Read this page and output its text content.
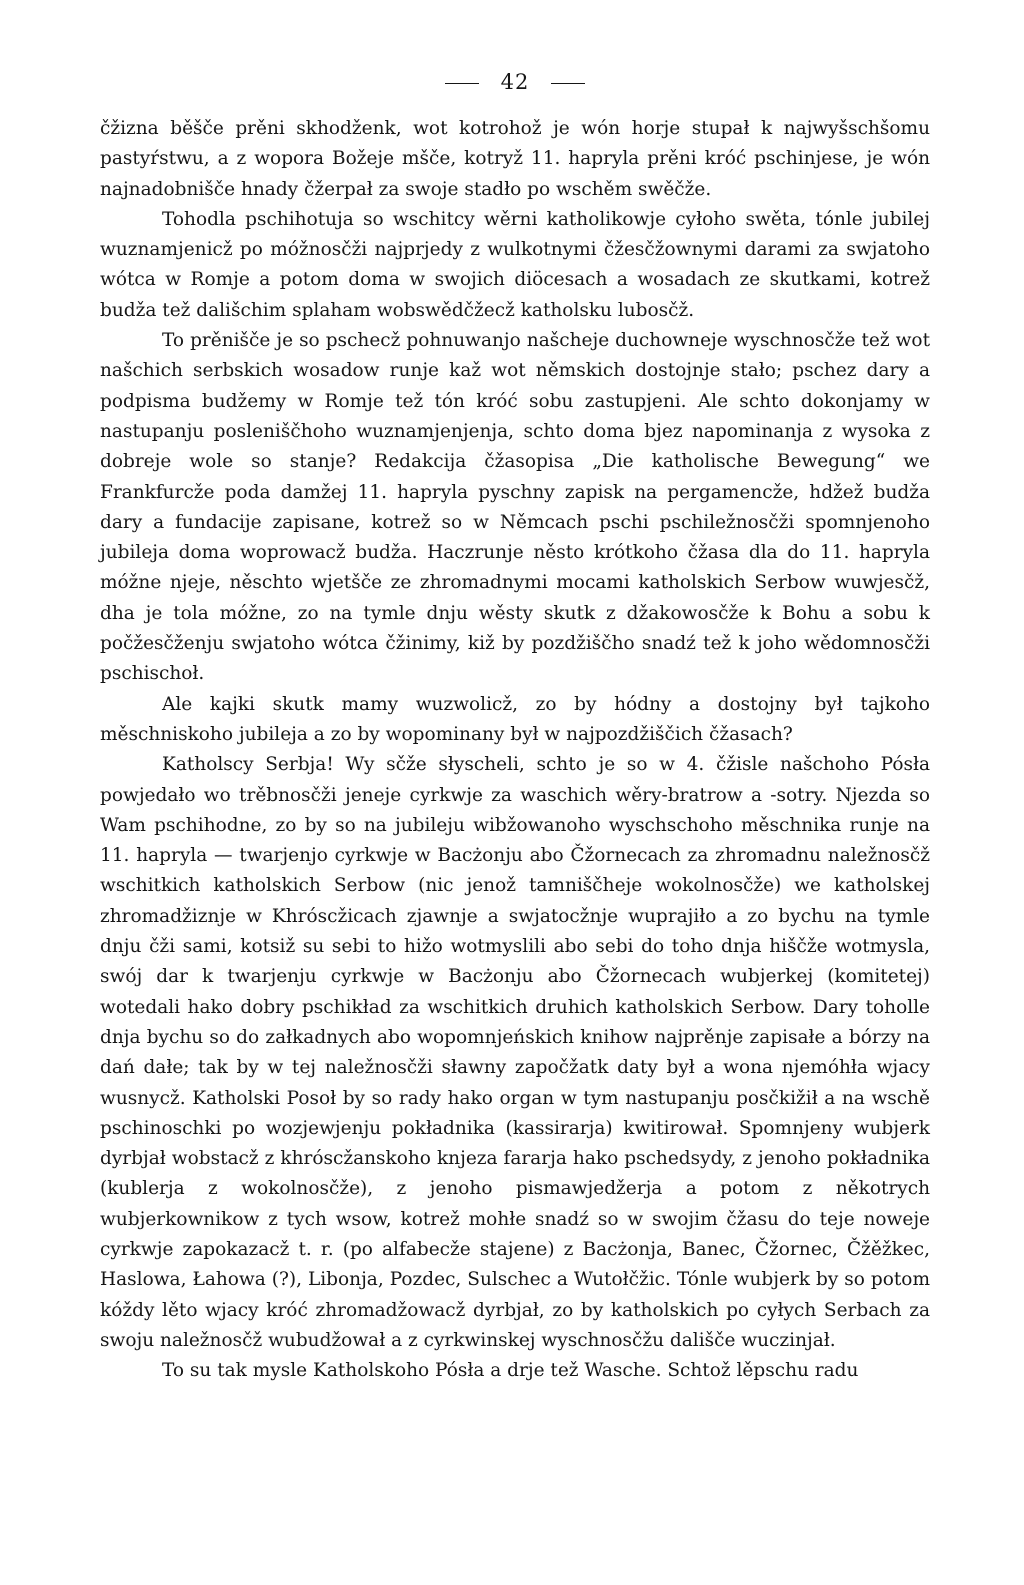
42

čžizna běšče prěni skhodženk, wot kotrohož je wón horje stupał k najwyšschšomu pastyŕstwu, a z wopora Božeje mšče, kotryž 11. hapryla prěni króć pschinjese, je wón najnadobnišče hnady čžerpał za swoje stadło po wschěm swěčže.

Tohodla pschihotuja so wschitcy wěrni katholikowje cyłoho swěta, tónle jubilej wuznamjenicž po móžnosčži najprjedy z wulkotnymi čžesčžownymi darami za swjatoho wótca w Romje a potom doma w swojich diöcesach a wosadach ze skutkami, kotrež budža tež dališchim splaham wobswědčžecž katholsku lubosčž.

To prěnišče je so pschecž pohnuwanjo našcheje duchowneje wyschnosčže tež wot našchich serbskich wosadow runje kaž wot němskich dostojnje stało; pschez dary a podpisma budžemy w Romje tež tón króć sobu zastupjeni. Ale schto dokonjamy w nastupanju posleniščhoho wuznamjenjenja, schto doma bjez napominanja z wysoka z dobreje wole so stanje? Redakcija čžasopisa „Die katholische Bewegung“ we Frankfurcže poda damžej 11. hapryla pyschny zapisk na pergamencže, hdžež budža dary a fundacije zapisane, kotrež so w Němcach pschi pschiležnosčži spomnjenoho jubileja doma woprowacž budža. Haczrunje něsto krótkoho čžasa dla do 11. hapryla móžne njeje, něschto wjetšče ze zhromadnymi mocami katholskich Serbow wuwjesčž, dha je tola móžne, zo na tymle dnju wěsty skutk z džakowosčže k Bohu a sobu k počžesčženju swjatoho wótca čžinimy, kiž by pozdžiščho snadź tež k joho wědomnosčži pschischoł.

Ale kajki skutk mamy wuzwolicž, zo by hódny a dostojny był tajkoho měschniskoho jubileja a zo by wopominany był w najpozdžiščich čžasach?

Katholscy Serbja! Wy sčže słyscheli, schto je so w 4. čžisle našchoho Pósła powjedało wo trěbnosčži jeneje cyrkwje za waschich wěry-bratrow a -sotry. Njezda so Wam pschihodne, zo by so na jubileju wibžowanoho wyschschoho měschnika runje na 11. hapryla — twarjenjo cyrkwje w Bacżonju abo Čžornecach za zhromadnu naležnosčž wschitkich katholskich Serbow (nic jenož tamniščheje wokolnosčže) we katholskej zhromadžiznje w Khróscžicach zjawnje a swjatocžnje wuprajiło a zo bychu na tymle dnju čži sami, kotsiž su sebi to hižo wotmyslili abo sebi do toho dnja hiščže wotmysla, swój dar k twarjenju cyrkwje w Bacżonju abo Čžornecach wubjerkej (komitetej) wotedali hako dobry pschikład za wschitkich druhich katholskich Serbow. Dary toholle dnja bychu so do załkadnych abo wopomnjeńskich knihow najprěnje zapisałe a bórzy na dań dałe; tak by w tej naležnosčži sławny započžatk daty był a wona njemóhła wjacy wusnycž. Katholski Posoł by so rady hako organ w tym nastupanju posčkižił a na wschě pschinoschki po wozjewjenju pokładnika (kassirarja) kwitirował. Spomnjeny wubjerk dyrbjał wobstacž z khróscžanskoho knjeza fararja hako pschedsydy, z jenoho pokładnika (kublerja z wokolnosčže), z jenoho pismawjedžerja a potom z někotrych wubjerkownikow z tych wsow, kotrež mohłe snadź so w swojim čžasu do teje noweje cyrkwje zapokazacž t. r. (po alfabecže stajene) z Bacżonja, Banec, Čžornec, Čžěžkec, Haslowa, Łahowa (?), Libonja, Pozdec, Sulschec a Wutołčžic. Tónle wubjerk by so potom kóždy lěto wjacy króć zhromadžowacž dyrbjał, zo by katholskich po cyłych Serbach za swoju naležnosčž wubudžował a z cyrkwinskej wyschnosčžu dališče wuczinjał.

To su tak mysle Katholskoho Pósła a drje tež Wasche. Schtož lěpschu radu
